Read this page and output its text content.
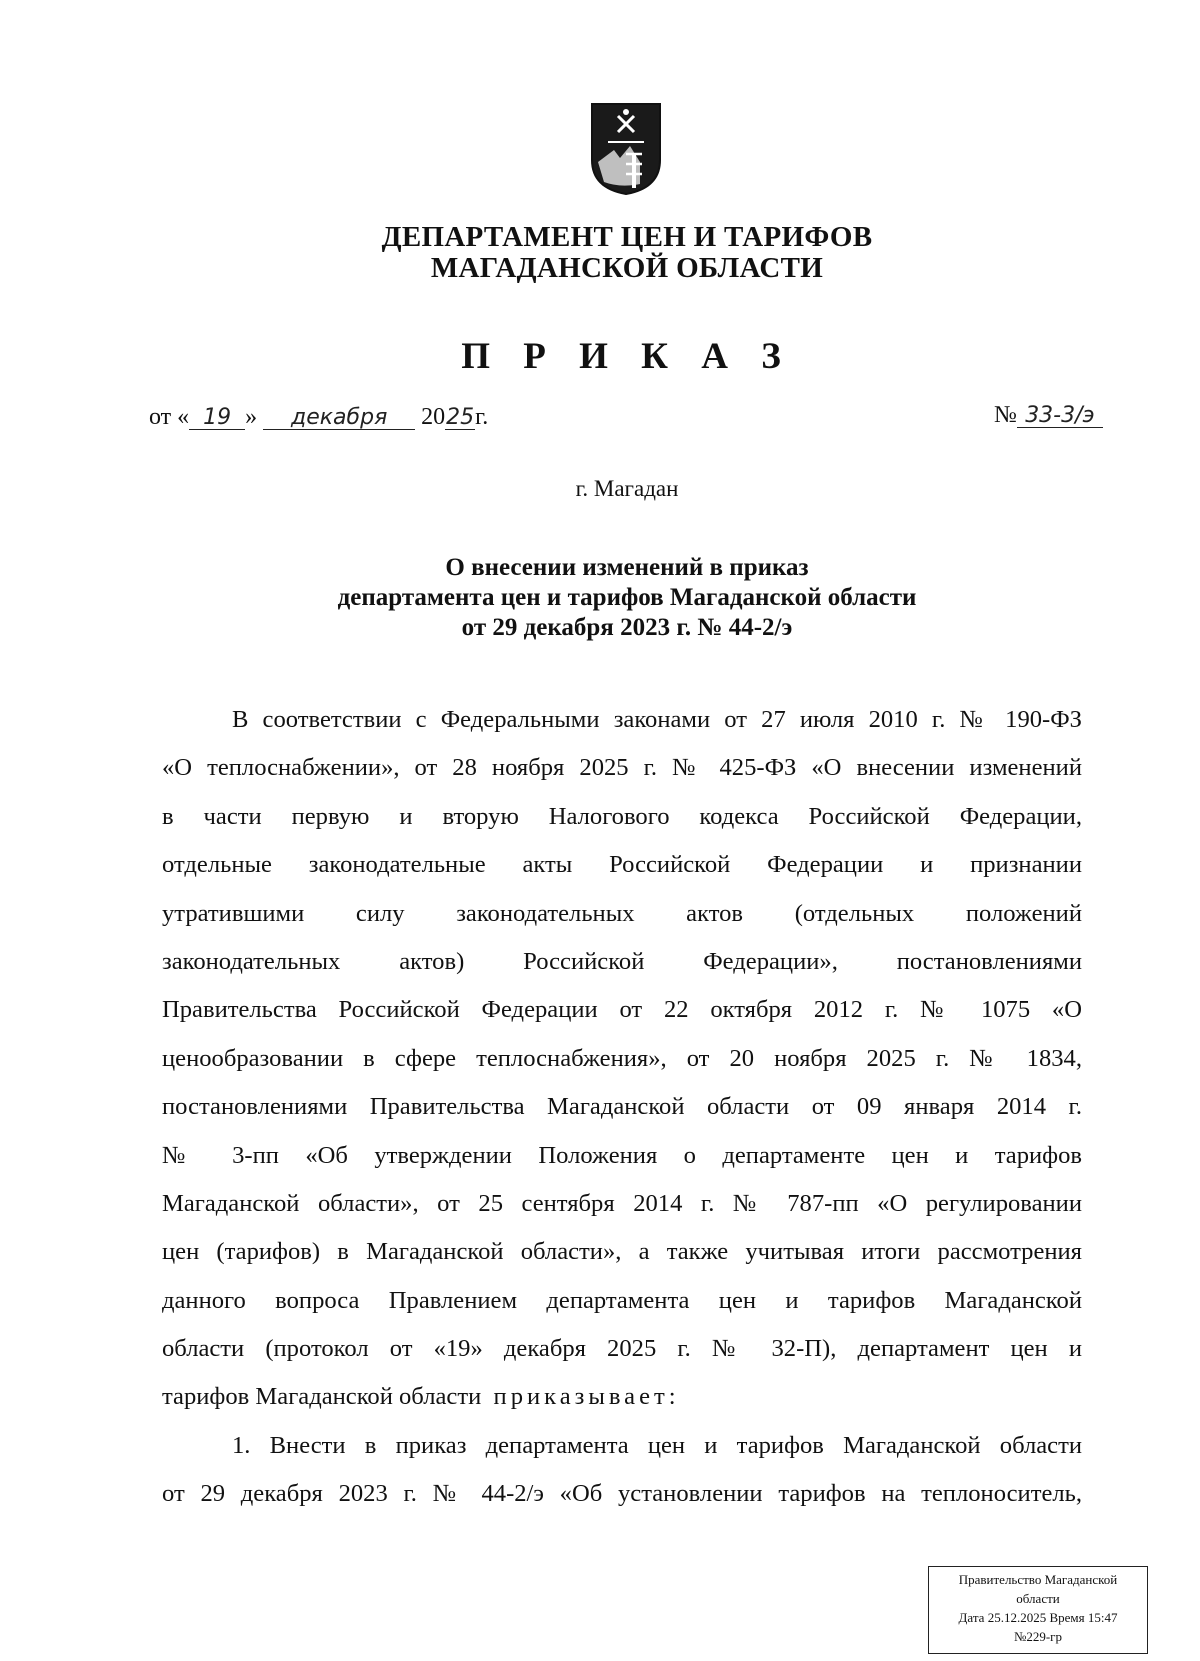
ДЕПАРТАМЕНТ ЦЕН И ТАРИФОВ
МАГАДАНСКОЙ ОБЛАСТИ
П Р И К А З
от « 19 » декабря 2025г.	№ 33-3/э
г. Магадан
О внесении изменений в приказ
департамента цен и тарифов Магаданской области
от 29 декабря 2023 г. № 44-2/э
В соответствии с Федеральными законами от 27 июля 2010 г. № 190-ФЗ
«О теплоснабжении», от 28 ноября 2025 г. № 425-ФЗ «О внесении изменений
в части первую и вторую Налогового кодекса Российской Федерации,
отдельные законодательные акты Российской Федерации и признании
утратившими силу законодательных актов (отдельных положений
законодательных актов) Российской Федерации», постановлениями
Правительства Российской Федерации от 22 октября 2012 г. № 1075 «О
ценообразовании в сфере теплоснабжения», от 20 ноября 2025 г. № 1834,
постановлениями Правительства Магаданской области от 09 января 2014 г.
№ 3-пп «Об утверждении Положения о департаменте цен и тарифов
Магаданской области», от 25 сентября 2014 г. № 787-пп «О регулировании
цен (тарифов) в Магаданской области», а также учитывая итоги рассмотрения
данного вопроса Правлением департамента цен и тарифов Магаданской
области (протокол от «19» декабря 2025 г. № 32-П), департамент цен и
тарифов Магаданской области приказывает:
1. Внести в приказ департамента цен и тарифов Магаданской области
от 29 декабря 2023 г. № 44-2/э «Об установлении тарифов на теплоноситель,
Правительство Магаданской
области
Дата 25.12.2025 Время 15:47
№229-гр
